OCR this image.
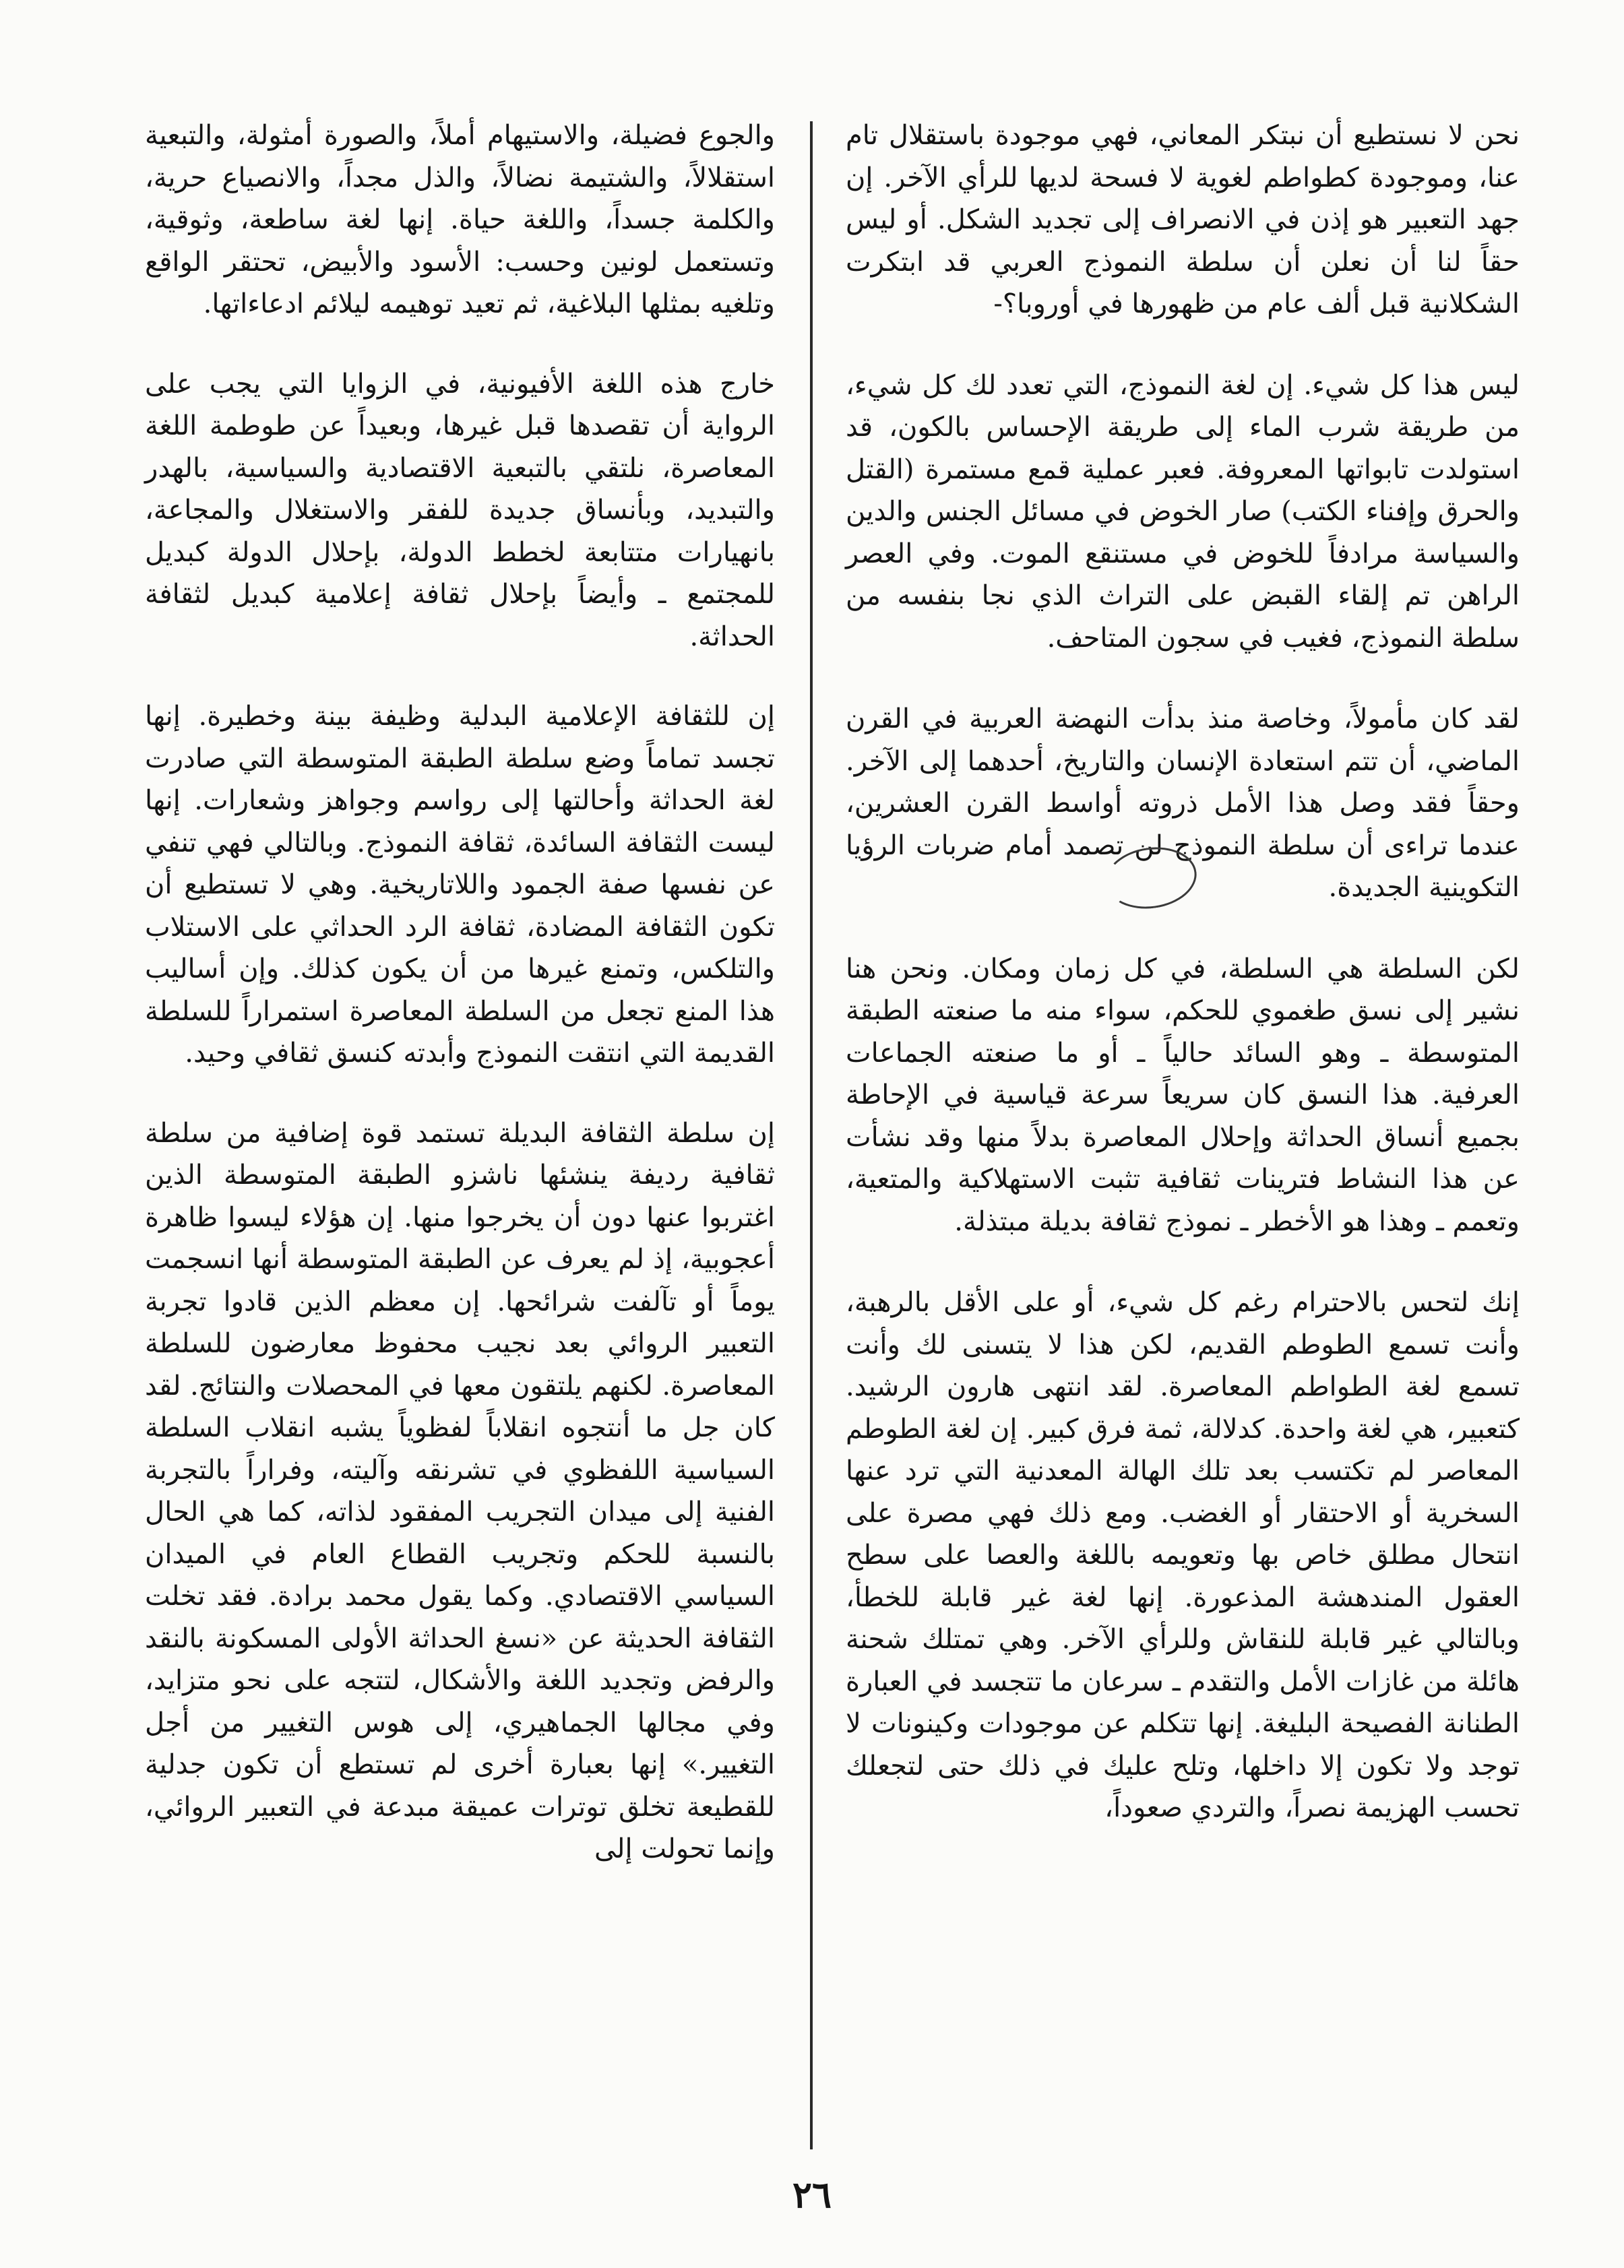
نحن لا نستطيع أن نبتكر المعاني، فهي موجودة باستقلال تام عنا، وموجودة كطواطم لغوية لا فسحة لديها للرأي الآخر. إن جهد التعبير هو إذن في الانصراف إلى تجديد الشكل. أو ليس حقاً لنا أن نعلن أن سلطة النموذج العربي قد ابتكرت الشكلانية قبل ألف عام من ظهورها في أوروبا؟-

ليس هذا كل شيء. إن لغة النموذج، التي تعدد لك كل شيء، من طريقة شرب الماء إلى طريقة الإحساس بالكون، قد استولدت تابواتها المعروفة. فعبر عملية قمع مستمرة (القتل والحرق وإفناء الكتب) صار الخوض في مسائل الجنس والدين والسياسة مرادفاً للخوض في مستنقع الموت. وفي العصر الراهن تم إلقاء القبض على التراث الذي نجا بنفسه من سلطة النموذج، فغيب في سجون المتاحف.

لقد كان مأمولاً، وخاصة منذ بدأت النهضة العربية في القرن الماضي، أن تتم استعادة الإنسان والتاريخ، أحدهما إلى الآخر. وحقاً فقد وصل هذا الأمل ذروته أواسط القرن العشرين، عندما تراءى أن سلطة النموذج لن تصمد أمام ضربات الرؤيا التكوينية الجديدة.

لكن السلطة هي السلطة، في كل زمان ومكان. ونحن هنا نشير إلى نسق طغموي للحكم، سواء منه ما صنعته الطبقة المتوسطة ـ وهو السائد حالياً ـ أو ما صنعته الجماعات العرفية. هذا النسق كان سريعاً سرعة قياسية في الإحاطة بجميع أنساق الحداثة وإحلال المعاصرة بدلاً منها وقد نشأت عن هذا النشاط فترينات ثقافية تثبت الاستهلاكية والمتعية، وتعمم ـ وهذا هو الأخطر ـ نموذج ثقافة بديلة مبتذلة.

إنك لتحس بالاحترام رغم كل شيء، أو على الأقل بالرهبة، وأنت تسمع الطوطم القديم، لكن هذا لا يتسنى لك وأنت تسمع لغة الطواطم المعاصرة. لقد انتهى هارون الرشيد. كتعبير، هي لغة واحدة. كدلالة، ثمة فرق كبير. إن لغة الطوطم المعاصر لم تكتسب بعد تلك الهالة المعدنية التي ترد عنها السخرية أو الاحتقار أو الغضب. ومع ذلك فهي مصرة على انتحال مطلق خاص بها وتعويمه باللغة والعصا على سطح العقول المندهشة المذعورة. إنها لغة غير قابلة للخطأ، وبالتالي غير قابلة للنقاش وللرأي الآخر. وهي تمتلك شحنة هائلة من غازات الأمل والتقدم ـ سرعان ما تتجسد في العبارة الطنانة الفصيحة البليغة. إنها تتكلم عن موجودات وكينونات لا توجد ولا تكون إلا داخلها، وتلح عليك في ذلك حتى لتجعلك تحسب الهزيمة نصراً، والتردي صعوداً،

والجوع فضيلة، والاستيهام أملاً، والصورة أمثولة، والتبعية استقلالاً، والشتيمة نضالاً، والذل مجداً، والانصياع حرية، والكلمة جسداً، واللغة حياة. إنها لغة ساطعة، وثوقية، وتستعمل لونين وحسب: الأسود والأبيض، تحتقر الواقع وتلغيه بمثلها البلاغية، ثم تعيد توهيمه ليلائم ادعاءاتها.

خارج هذه اللغة الأفيونية، في الزوايا التي يجب على الرواية أن تقصدها قبل غيرها، وبعيداً عن طوطمة اللغة المعاصرة، نلتقي بالتبعية الاقتصادية والسياسية، بالهدر والتبديد، وبأنساق جديدة للفقر والاستغلال والمجاعة، بانهيارات متتابعة لخطط الدولة، بإحلال الدولة كبديل للمجتمع ـ وأيضاً بإحلال ثقافة إعلامية كبديل لثقافة الحداثة.

إن للثقافة الإعلامية البدلية وظيفة بينة وخطيرة. إنها تجسد تماماً وضع سلطة الطبقة المتوسطة التي صادرت لغة الحداثة وأحالتها إلى رواسم وجواهز وشعارات. إنها ليست الثقافة السائدة، ثقافة النموذج. وبالتالي فهي تنفي عن نفسها صفة الجمود واللاتاريخية. وهي لا تستطيع أن تكون الثقافة المضادة، ثقافة الرد الحداثي على الاستلاب والتلكس، وتمنع غيرها من أن يكون كذلك. وإن أساليب هذا المنع تجعل من السلطة المعاصرة استمراراً للسلطة القديمة التي انتقت النموذج وأبدته كنسق ثقافي وحيد.

إن سلطة الثقافة البديلة تستمد قوة إضافية من سلطة ثقافية رديفة ينشئها ناشزو الطبقة المتوسطة الذين اغتربوا عنها دون أن يخرجوا منها. إن هؤلاء ليسوا ظاهرة أعجوبية، إذ لم يعرف عن الطبقة المتوسطة أنها انسجمت يوماً أو تآلفت شرائحها. إن معظم الذين قادوا تجربة التعبير الروائي بعد نجيب محفوظ معارضون للسلطة المعاصرة. لكنهم يلتقون معها في المحصلات والنتائج. لقد كان جل ما أنتجوه انقلاباً لفظوياً يشبه انقلاب السلطة السياسية اللفظوي في تشرنقه وآليته، وفراراً بالتجربة الفنية إلى ميدان التجريب المفقود لذاته، كما هي الحال بالنسبة للحكم وتجريب القطاع العام في الميدان السياسي الاقتصادي. وكما يقول محمد برادة. فقد تخلت الثقافة الحديثة عن «نسغ الحداثة الأولى المسكونة بالنقد والرفض وتجديد اللغة والأشكال، لتتجه على نحو متزايد، وفي مجالها الجماهيري، إلى هوس التغيير من أجل التغيير.» إنها بعبارة أخرى لم تستطع أن تكون جدلية للقطيعة تخلق توترات عميقة مبدعة في التعبير الروائي، وإنما تحولت إلى

٢٦
